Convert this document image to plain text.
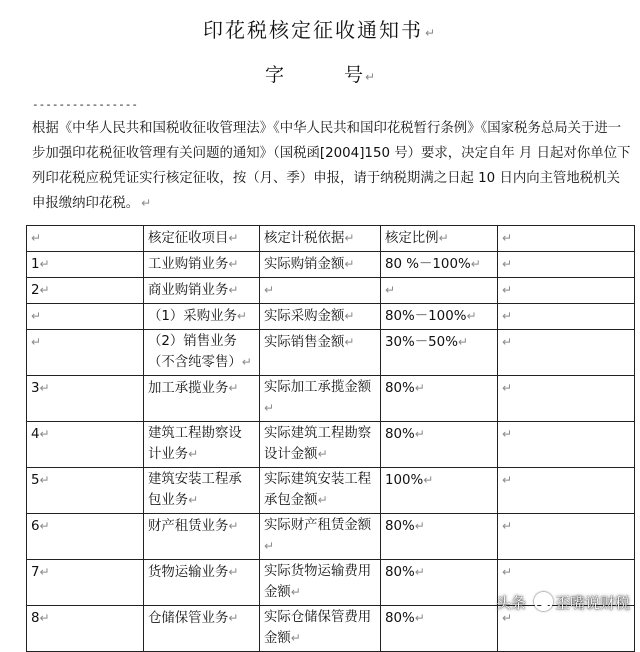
印花税核定征收通知书 ↵
字	号 ↵
----------------
根据《中华人民共和国税收征收管理法》《中华人民共和国印花税暂行条例》《国家税务总局关于进一步加强印花税征收管理有关问题的通知》（国税函[2004]150 号）要求，决定自年 月 日起对你单位下列印花税应税凭证实行核定征收，按（月、季）申报，请于纳税期满之日起 10 日内向主管地税机关申报缴纳印花税。 ↵
↵	核定征收项目↵	核定计税依据↵	核定比例↵	↵
1↵	工业购销业务↵	实际购销金额↵	80 %－100%↵	↵
2↵	商业购销业务↵	↵	↵	↵
↵	（1）采购业务↵	实际采购金额↵	80%－100%↵	↵
↵	（2）销售业务（不含纯零售）↵	实际销售金额↵	30%－50%↵	↵
3↵	加工承揽业务↵	实际加工承揽金额↵	80%↵	↵
4↵	建筑工程勘察设计业务↵	实际建筑工程勘察设计金额↵	80%↵	↵
5↵	建筑安装工程承包业务↵	实际建筑安装工程承包金额↵	100%↵	↵
6↵	财产租赁业务↵	实际财产租赁金额↵	80%↵	↵
7↵	货物运输业务↵	实际货物运输费用金额↵	80%↵	↵
8↵	仓储保管业务↵	实际仓储保管费用金额↵	80%↵	↵
头条 歪嘴说财税
